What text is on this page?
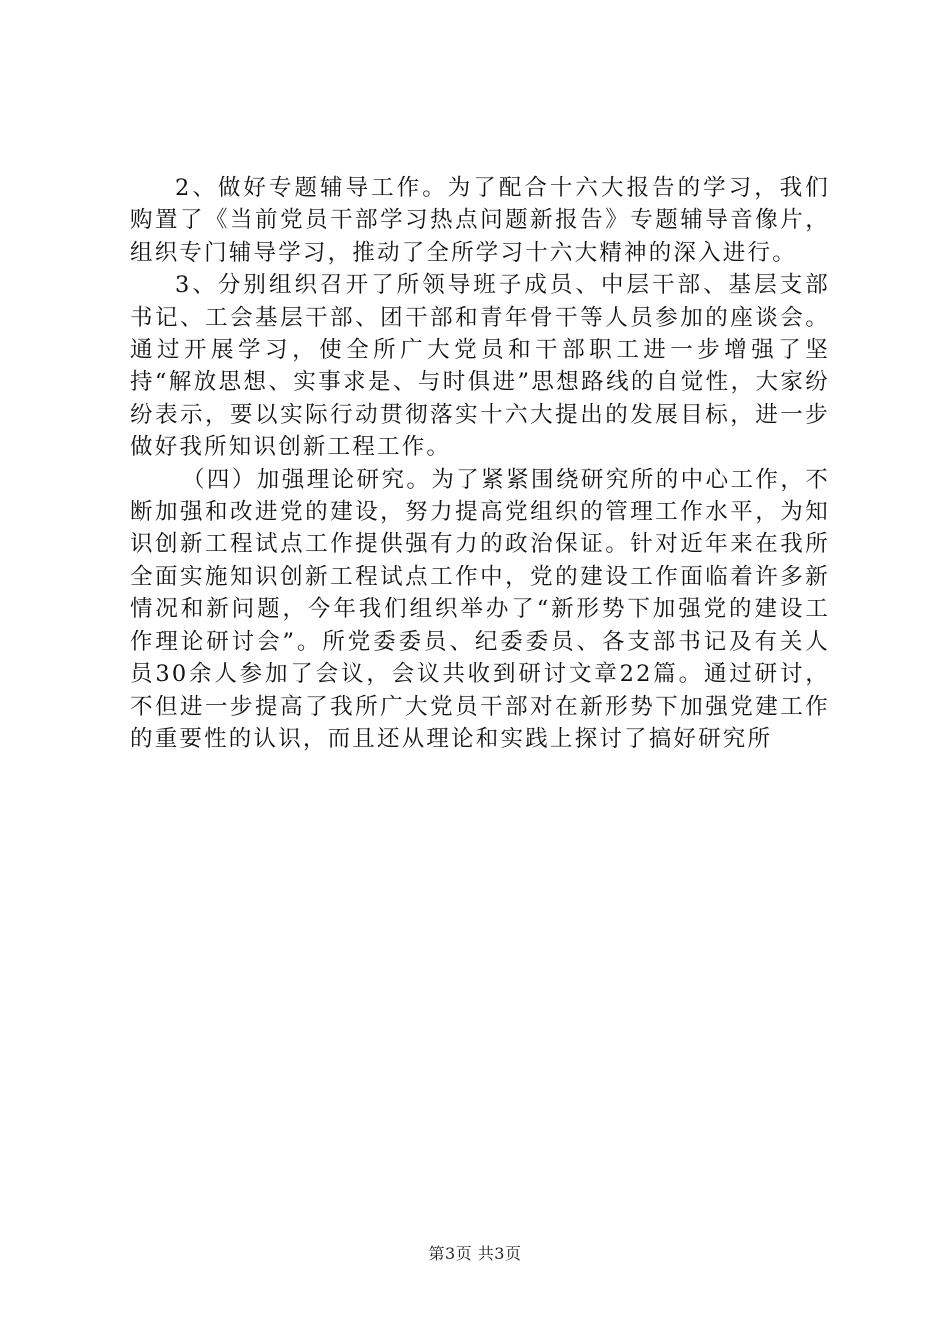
2、做好专题辅导工作。为了配合十六大报告的学习，我们购置了《当前党员干部学习热点问题新报告》专题辅导音像片，组织专门辅导学习，推动了全所学习十六大精神的深入进行。

3、分别组织召开了所领导班子成员、中层干部、基层支部书记、工会基层干部、团干部和青年骨干等人员参加的座谈会。通过开展学习，使全所广大党员和干部职工进一步增强了坚持“解放思想、实事求是、与时俱进”思想路线的自觉性，大家纷纷表示，要以实际行动贯彻落实十六大提出的发展目标，进一步做好我所知识创新工程工作。

（四）加强理论研究。为了紧紧围绕研究所的中心工作，不断加强和改进党的建设，努力提高党组织的管理工作水平，为知识创新工程试点工作提供强有力的政治保证。针对近年来在我所全面实施知识创新工程试点工作中，党的建设工作面临着许多新情况和新问题，今年我们组织举办了“新形势下加强党的建设工作理论研讨会”。所党委委员、纪委委员、各支部书记及有关人员30余人参加了会议，会议共收到研讨文章22篇。通过研讨，不但进一步提高了我所广大党员干部对在新形势下加强党建工作的重要性的认识，而且还从理论和实践上探讨了搞好研究所

第3页 共3页
